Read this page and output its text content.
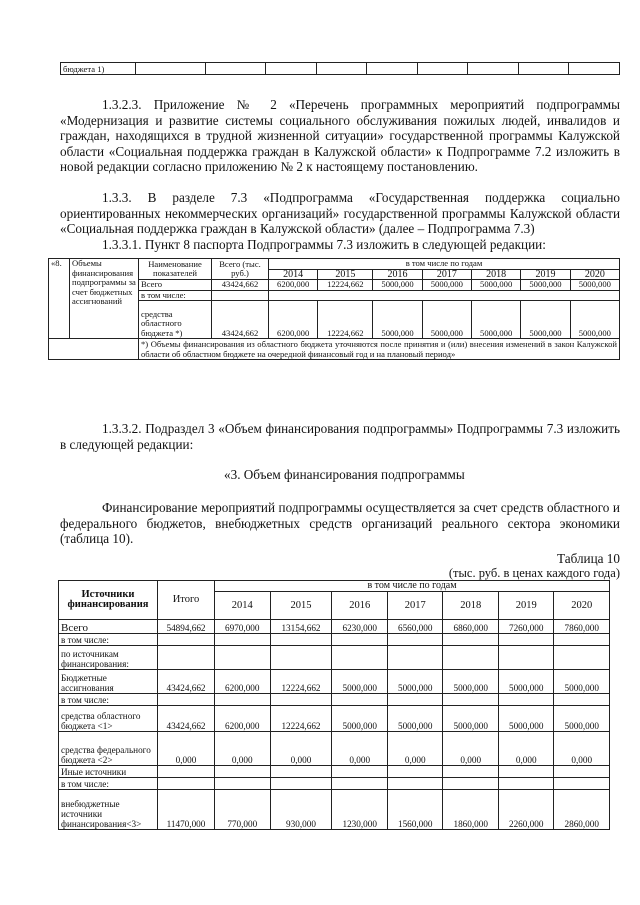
бюджета 1)									

1.3.2.3. Приложение № 2 «Перечень программных мероприятий подпрограммы «Модернизация и развитие системы социального обслуживания пожилых людей, инвалидов и граждан, находящихся в трудной жизненной ситуации» государственной программы Калужской области «Социальная поддержка граждан в Калужской области» к Подпрограмме 7.2 изложить в новой редакции согласно приложению № 2 к настоящему постановлению.

1.3.3. В разделе 7.3 «Подпрограмма «Государственная поддержка социально ориентированных некоммерческих организаций» государственной программы Калужской области «Социальная поддержка граждан в Калужской области» (далее – Подпрограмма 7.3)

1.3.3.1. Пункт 8 паспорта Подпрограммы 7.3 изложить в следующей редакции:

«8.	Объемы финансирования подпрограммы за счет бюджетных ассигнований	Наименование показателей	Всего (тыс. руб.)	в том числе по годам						
				2014	2015	2016	2017	2018	2019	2020
		Всего	43424,662	6200,000	12224,662	5000,000	5000,000	5000,000	5000,000	5000,000
		в том числе:								
		средства областного бюджета *)	43424,662	6200,000	12224,662	5000,000	5000,000	5000,000	5000,000	5000,000
		*) Объемы финансирования из областного бюджета уточняются после принятия и (или) внесения изменений в закон Калужской области об областном бюджете на очередной финансовый год и на плановый период»								

1.3.3.2. Подраздел 3 «Объем финансирования подпрограммы» Подпрограммы 7.3 изложить в следующей редакции:

«3. Объем финансирования подпрограммы

Финансирование мероприятий подпрограммы осуществляется за счет средств областного и федерального бюджетов, внебюджетных средств организаций реального сектора экономики (таблица 10).

Таблица 10

(тыс. руб. в ценах каждого года)

Источники финансирования	Итого	в том числе по годам						
		2014	2015	2016	2017	2018	2019	2020
Всего	54894,662	6970,000	13154,662	6230,000	6560,000	6860,000	7260,000	7860,000
в том числе:								
по источникам финансирования:								
Бюджетные ассигнования	43424,662	6200,000	12224,662	5000,000	5000,000	5000,000	5000,000	5000,000
в том числе:								
средства областного бюджета <1>	43424,662	6200,000	12224,662	5000,000	5000,000	5000,000	5000,000	5000,000
средства федерального бюджета <2>	0,000	0,000	0,000	0,000	0,000	0,000	0,000	0,000
Иные источники								
в том числе:								
внебюджетные источники финансирования<3>	11470,000	770,000	930,000	1230,000	1560,000	1860,000	2260,000	2860,000
